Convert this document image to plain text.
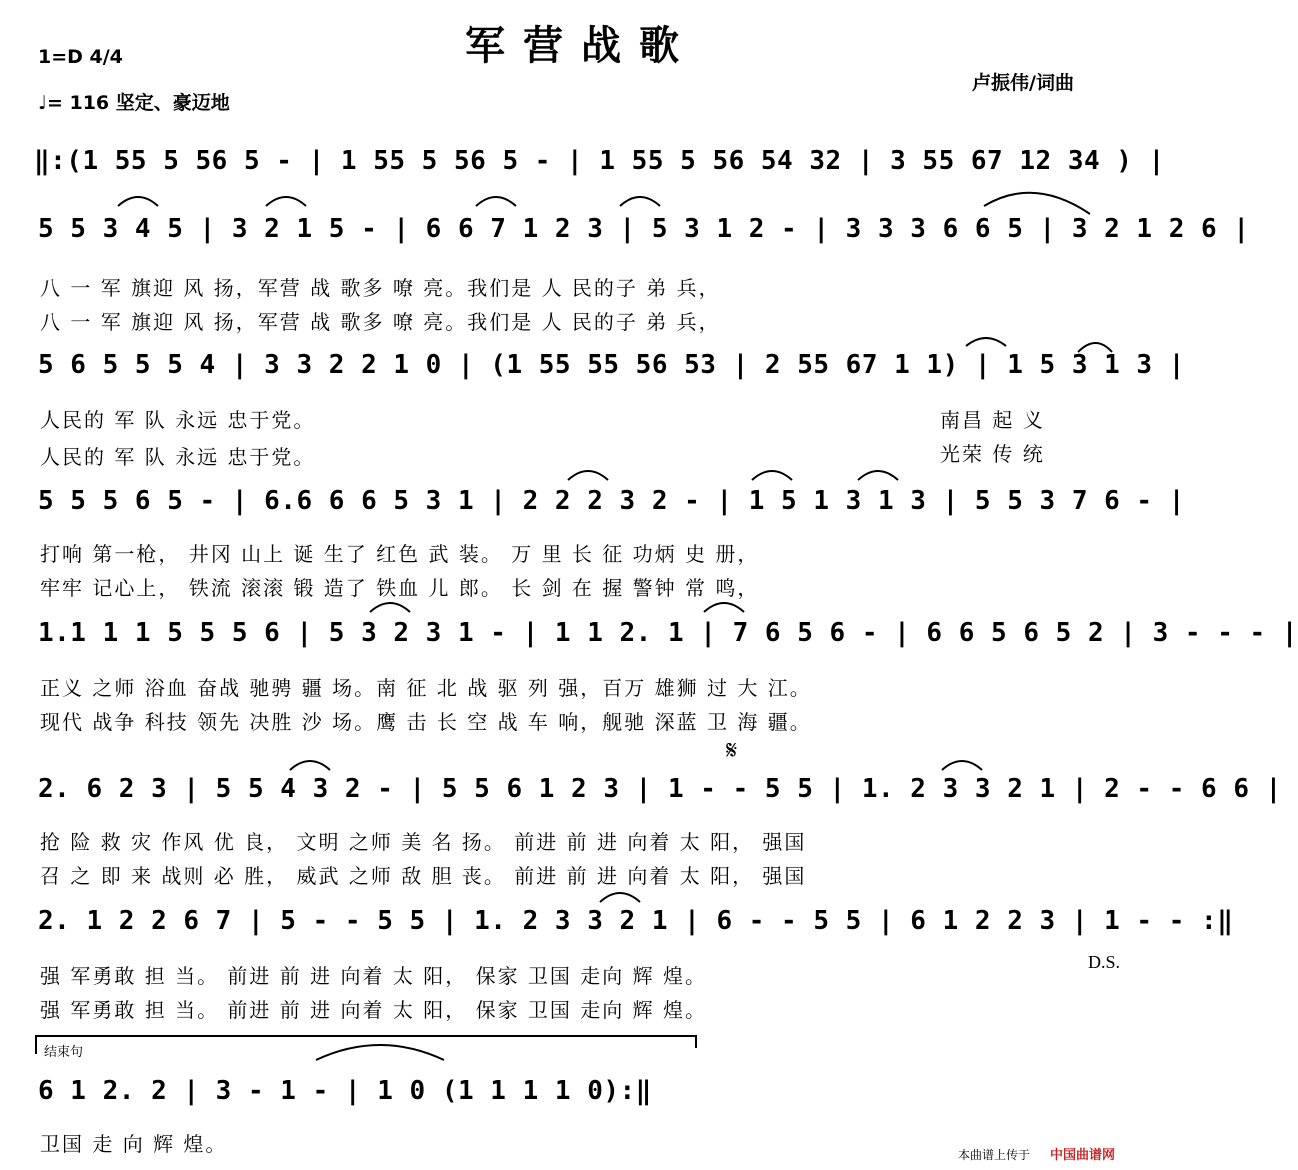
军营战歌
1=D 4/4
♩= 116 坚定、豪迈地
卢振伟/词曲
‖:(1 55 5 56 5 - | 1 55 5 56 5 - | 1 55 5 56 54 32 | 3 55 67 12 34 ) |
5 5 3 4 5 | 3 2 1 5 - | 6 6 7 1 2 3 | 5 3 1 2 - | 3 3 3 6 6 5 | 3 2 1 2 6 |
八 一 军 旗迎 风 扬，军营 战 歌多 嘹 亮。我们是 人 民的子 弟 兵，
八 一 军 旗迎 风 扬，军营 战 歌多 嘹 亮。我们是 人 民的子 弟 兵，
5 6 5 5 5 4 | 3 3 2 2 1 0 | (1 55 55 56 53 | 2 55 67 1 1) | 1 5 3 1 3 |
人民的 军 队 永远 忠于党。
人民的 军 队 永远 忠于党。
南昌 起 义
光荣 传 统
5 5 5 6 5 - | 6.6 6 6 5 3 1 | 2 2 2 3 2 - | 1 5 1 3 1 3 | 5 5 3 7 6 - |
打响 第一枪， 井冈 山上 诞 生了 红色 武 装。 万 里 长 征 功炳 史 册，
牢牢 记心上， 铁流 滚滚 锻 造了 铁血 儿 郎。 长 剑 在 握 警钟 常 鸣，
1.1 1 1 5 5 5 6 | 5 3 2 3 1 - | 1 1 2. 1 | 7 6 5 6 - | 6 6 5 6 5 2 | 3 - - - |
正义 之师 浴血 奋战 驰骋 疆 场。南 征 北 战 驱 列 强，百万 雄狮 过 大 江。
现代 战争 科技 领先 决胜 沙 场。鹰 击 长 空 战 车 响，舰驰 深蓝 卫 海 疆。
𝄋
2. 6 2 3 | 5 5 4 3 2 - | 5 5 6 1 2 3 | 1 - - 5 5 | 1. 2 3 3 2 1 | 2 - - 6 6 |
抢 险 救 灾 作风 优 良， 文明 之师 美 名 扬。 前进 前 进 向着 太 阳， 强国
召 之 即 来 战则 必 胜， 威武 之师 敌 胆 丧。 前进 前 进 向着 太 阳， 强国
2. 1 2 2 6 7 | 5 - - 5 5 | 1. 2 3 3 2 1 | 6 - - 5 5 | 6 1 2 2 3 | 1 - - :‖
强 军勇敢 担 当。 前进 前 进 向着 太 阳， 保家 卫国 走向 辉 煌。
强 军勇敢 担 当。 前进 前 进 向着 太 阳， 保家 卫国 走向 辉 煌。
D.S.
结束句
6 1 2. 2 | 3 - 1 - | 1 0 (1 1 1 1 0):‖
卫国 走 向 辉 煌。	本曲谱上传于 中国曲谱网
